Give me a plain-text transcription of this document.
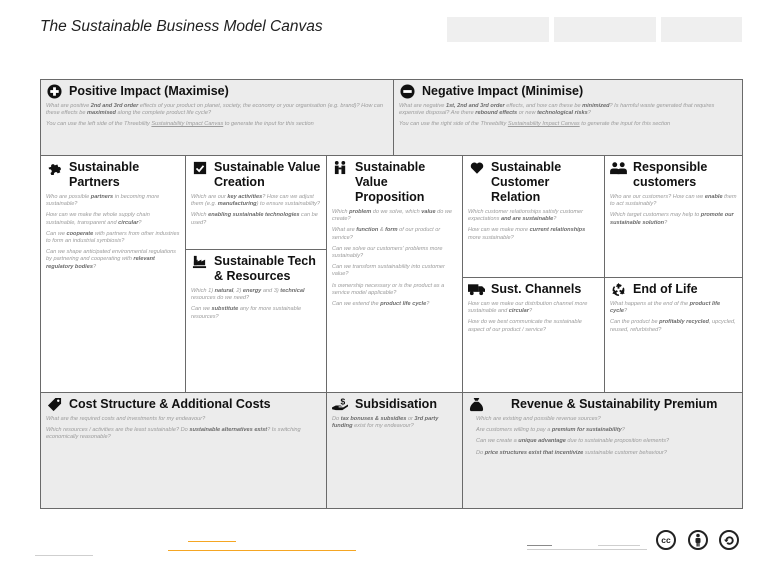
The Sustainable Business Model Canvas
Positive Impact (Maximise)
What are positive 2nd and 3rd order effects of your product on planet, society, the economy or your organisation (e.g. brand)? How can these effects be maximised along the complete product life cycle?
You can use the left side of the Threebility Sustainability Impact Canvas to generate the input for this section
Negative Impact (Minimise)
What are negative 1st, 2nd and 3rd order effects, and how can these be minimized? Is harmful waste generated that requires expensive disposal? Are there rebound effects or new technological risks?
You can use the right side of the Threebility Sustainability Impact Canvas to generate the input for this section
Sustainable Partners
Who are possible partners in becoming more sustainable?
How can we make the whole supply chain sustainable, transparent and circular?
Can we cooperate with partners from other industries to form an industrial symbiosis?
Can we shape anticipated environmental regulations by partnering and cooperating with relevant regulatory bodies?
Sustainable Value Creation
Which are our key activities? How can we adjust them (e.g. manufacturing) to ensure sustainability?
Which enabling sustainable technologies can be used?
Sustainable Tech & Resources
Which 1) natural, 2) energy and 3) technical resources do we need?
Can we substitute any for more sustainable resources?
Sustainable Value Proposition
Which problem do we solve, which value do we create?
What are function & form of our product or service?
Can we solve our customers' problems more sustainably?
Can we transform sustainability into customer value?
Is ownership necessary or is the product as a service model applicable?
Can we extend the product life cycle?
Sustainable Customer Relation
Which customer relationships satisfy customer expectations and are sustainable?
How can we make more current relationships more sustainable?
Responsible customers
Who are our customers? How can we enable them to act sustainably?
Which target customers may help to promote our sustainable solution?
Sust. Channels
How can we make our distribution channel more sustainable and circular?
How do we best communicate the sustainable aspect of our product / service?
End of Life
What happens at the end of the product life cycle?
Can the product be profitably recycled, upcycled, reused, refurbished?
Cost Structure & Additional Costs
What are the required costs and investments for my endeavour?
Which resources / activities are the least sustainable? Do sustainable alternatives exist? Is switching economically reasonable?
$ Subsidisation
Do tax bonuses & subsidies or 3rd party funding exist for my endeavour?
Revenue & Sustainability Premium
Which are existing and possible revenue sources?
Are customers willing to pay a premium for sustainability?
Can we create a unique advantage due to sustainable proposition elements?
Do price structures exist that incentivize sustainable customer behaviour?
cc
